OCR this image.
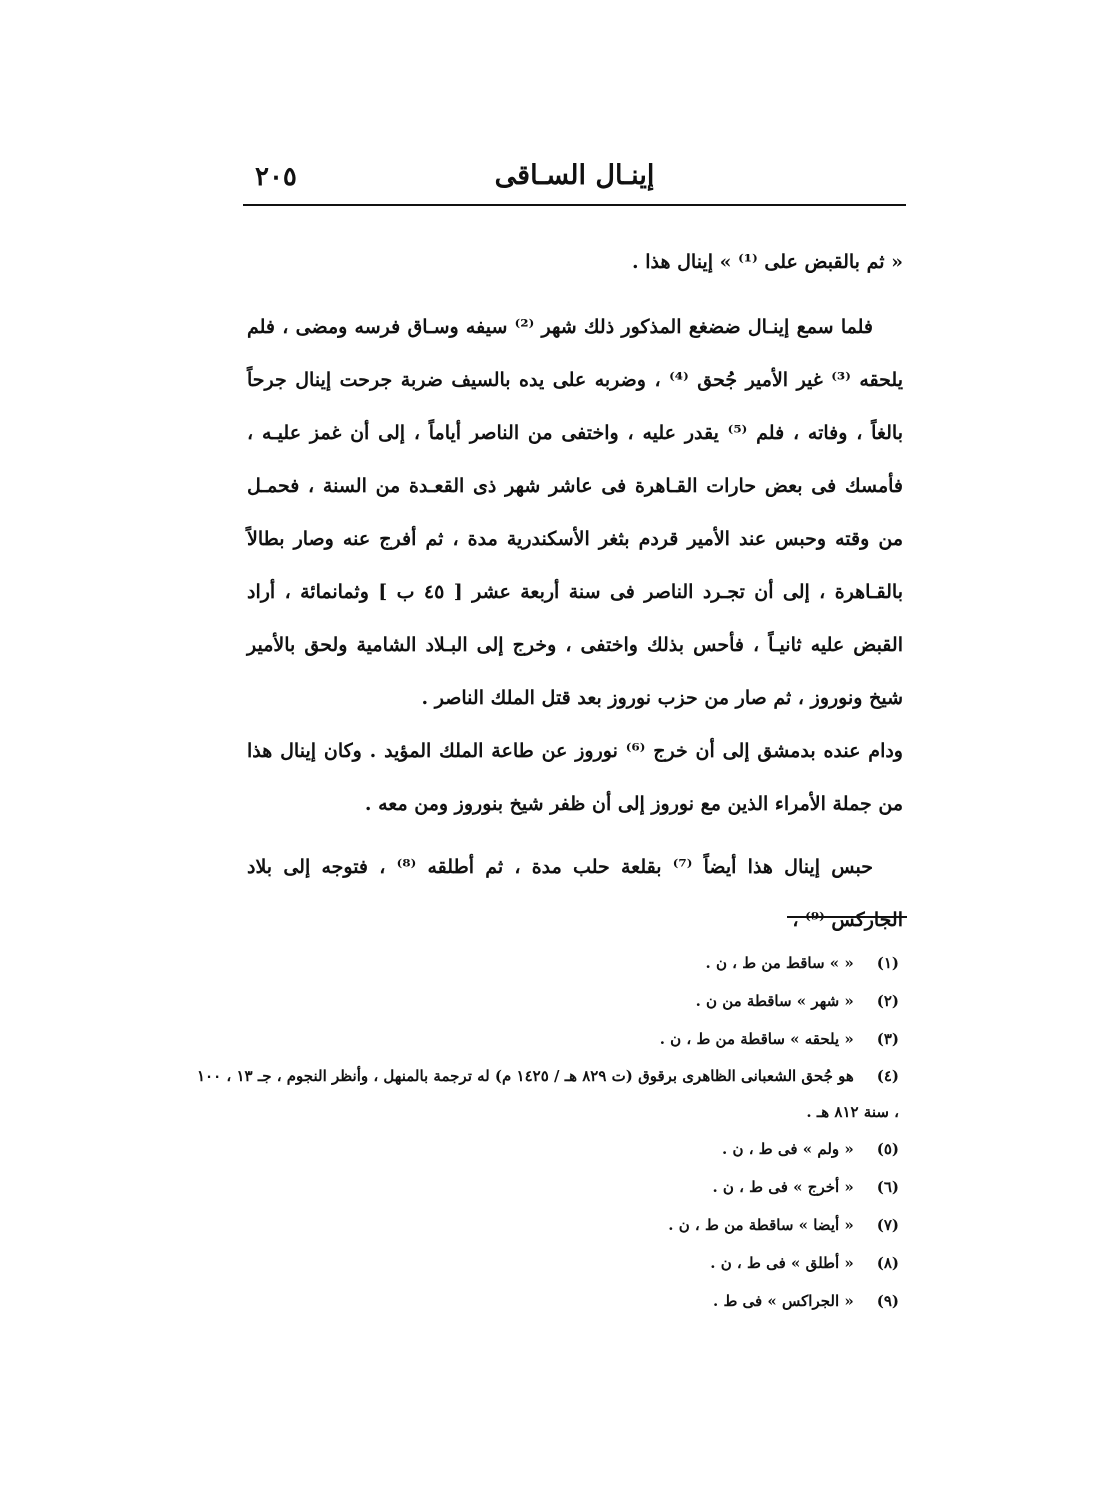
إينـال السـاقى
٢٠٥

« ثم بالقبض على ⁽¹⁾ » إينال هذا .

فلما سمع إينـال ضضغع المذكور ذلك شهر ⁽²⁾ سيفه وسـاق فرسه ومضى ، فلم يلحقه ⁽³⁾ غير الأمير جُحق ⁽⁴⁾ ، وضربه على يده بالسيف ضربة جرحت إينال جرحاً بالغاً ، وفاته ، فلم ⁽⁵⁾ يقدر عليه ، واختفى من الناصر أياماً ، إلى أن غمز عليـه ، فأمسك فى بعض حارات القـاهرة فى عاشر شهر ذى القعـدة من السنة ، فحمـل من وقته وحبس عند الأمير قردم بثغر الأسكندرية مدة ، ثم أفرج عنه وصار بطالاً بالقـاهرة ، إلى أن تجـرد الناصر فى سنة أربعة عشر [ ٤٥ ب ] وثمانمائة ، أراد القبض عليه ثانيـاً ، فأحس بذلك واختفى ، وخرج إلى البـلاد الشامية ولحق بالأمير شيخ ونوروز ، ثم صار من حزب نوروز بعد قتل الملك الناصر .

ودام عنده بدمشق إلى أن خرج ⁽⁶⁾ نوروز عن طاعة الملك المؤيد . وكان إينال هذا من جملة الأمراء الذين مع نوروز إلى أن ظفر شيخ بنوروز ومن معه .

حبس إينال هذا أيضاً ⁽⁷⁾ بقلعة حلب مدة ، ثم أطلقه ⁽⁸⁾ ، فتوجه إلى بلاد الجاركس ⁽⁹⁾ ،

(١) « » ساقط من ط ، ن .
(٢) « شهر » ساقطة من ن .
(٣) « يلحقه » ساقطة من ط ، ن .
(٤) هو جُحق الشعبانى الظاهرى برقوق (ت ٨٢٩ هـ / ١٤٢٥ م) له ترجمة بالمنهل ، وأنظر النجوم ، جـ ١٣ ، ١٠٠ ، سنة ٨١٢ هـ .
(٥) « ولم » فى ط ، ن .
(٦) « أخرج » فى ط ، ن .
(٧) « أيضا » ساقطة من ط ، ن .
(٨) « أطلق » فى ط ، ن .
(٩) « الجراكس » فى ط .
